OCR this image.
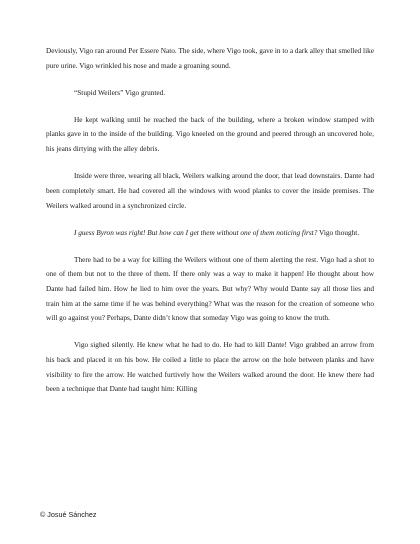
Deviously, Vigo ran around Per Essere Nato. The side, where Vigo took, gave in to a dark alley that smelled like pure urine. Vigo wrinkled his nose and made a groaning sound.

“Stupid Weilers” Vigo grunted.

He kept walking until he reached the back of the building, where a broken window stamped with planks gave in to the inside of the building. Vigo kneeled on the ground and peered through an uncovered hole, his jeans dirtying with the alley debris.

Inside were three, wearing all black, Weilers walking around the door, that lead downstairs. Dante had been completely smart. He had covered all the windows with wood planks to cover the inside premises. The Weilers walked around in a synchronized circle.

I guess Byron was right! But how can I get them without one of them noticing first? Vigo thought.

There had to be a way for killing the Weilers without one of them alerting the rest. Vigo had a shot to one of them but not to the three of them. If there only was a way to make it happen! He thought about how Dante had failed him. How he lied to him over the years. But why? Why would Dante say all those lies and train him at the same time if he was behind everything? What was the reason for the creation of someone who will go against you? Perhaps, Dante didn’t know that someday Vigo was going to know the truth.

Vigo sighed silently. He knew what he had to do. He had to kill Dante! Vigo grabbed an arrow from his back and placed it on his bow. He coiled a little to place the arrow on the hole between planks and have visibility to fire the arrow. He watched furtively how the Weilers walked around the door. He knew there had been a technique that Dante had taught him: Killing

© Josué Sánchez
